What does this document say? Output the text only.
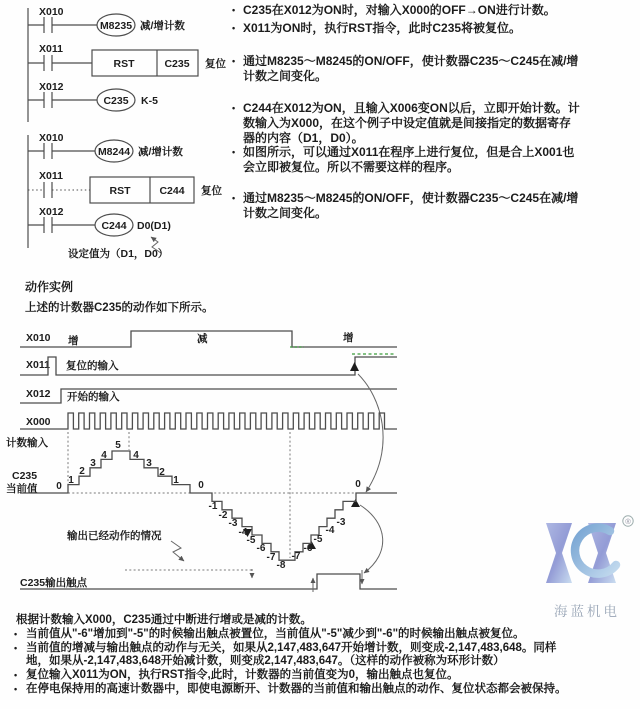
X010
M8235 减/增计数
X011
RST	C235 复位
X012
C235 K-5
X010
M8244 减/增计数
X011
RST	C244 复位
X012
C244 D0(D1)
设定值为（D1，D0）
X010 增	减	增
X011 复位的输入
X012 开始的输入
X000
计数输入
C235
当前值
输出已经动作的情况
C235输出触点
0
1
2
3
4
5
4
3
2
1 0
-1
-2
-3
-4
-5
-6
-7
-8
-7
-6
-5
-4
-3
0
• C235在X012为ON时，对输入X000的OFF→ON进行计数。
• X011为ON时，执行RST指令，此时C235将被复位。
• 通过M8235～M8245的ON/OFF，使计数器C235～C245在减/增
计数之间变化。
• C244在X012为ON，且输入X006变ON以后，立即开始计数。计
数输入为X000，在这个例子中设定值就是间接指定的数据寄存
器的内容（D1，D0）。
• 如图所示，可以通过X011在程序上进行复位，但是合上X001也
会立即被复位。所以不需要这样的程序。
• 通过M8235～M8245的ON/OFF，使计数器C235～C245在减/增
计数之间变化。
动作实例
上述的计数器C235的动作如下所示。
根据计数输入X000，C235通过中断进行增或是减的计数。
• 当前值从"-6"增加到"-5"的时候输出触点被置位，当前值从"-5"减少到"-6"的时候输出触点被复位。
• 当前值的增减与输出触点的动作与无关，如果从2,147,483,647开始增计数，则变成-2,147,483,648。同样
地，如果从-2,147,483,648开始减计数，则变成2,147,483,647。（这样的动作被称为环形计数）
• 复位输入X011为ON，执行RST指令,此时，计数器的当前值变为0，输出触点也复位。
• 在停电保持用的高速计数器中，即使电源断开、计数器的当前值和输出触点的动作、复位状态都会被保持。
®
海蓝机电
